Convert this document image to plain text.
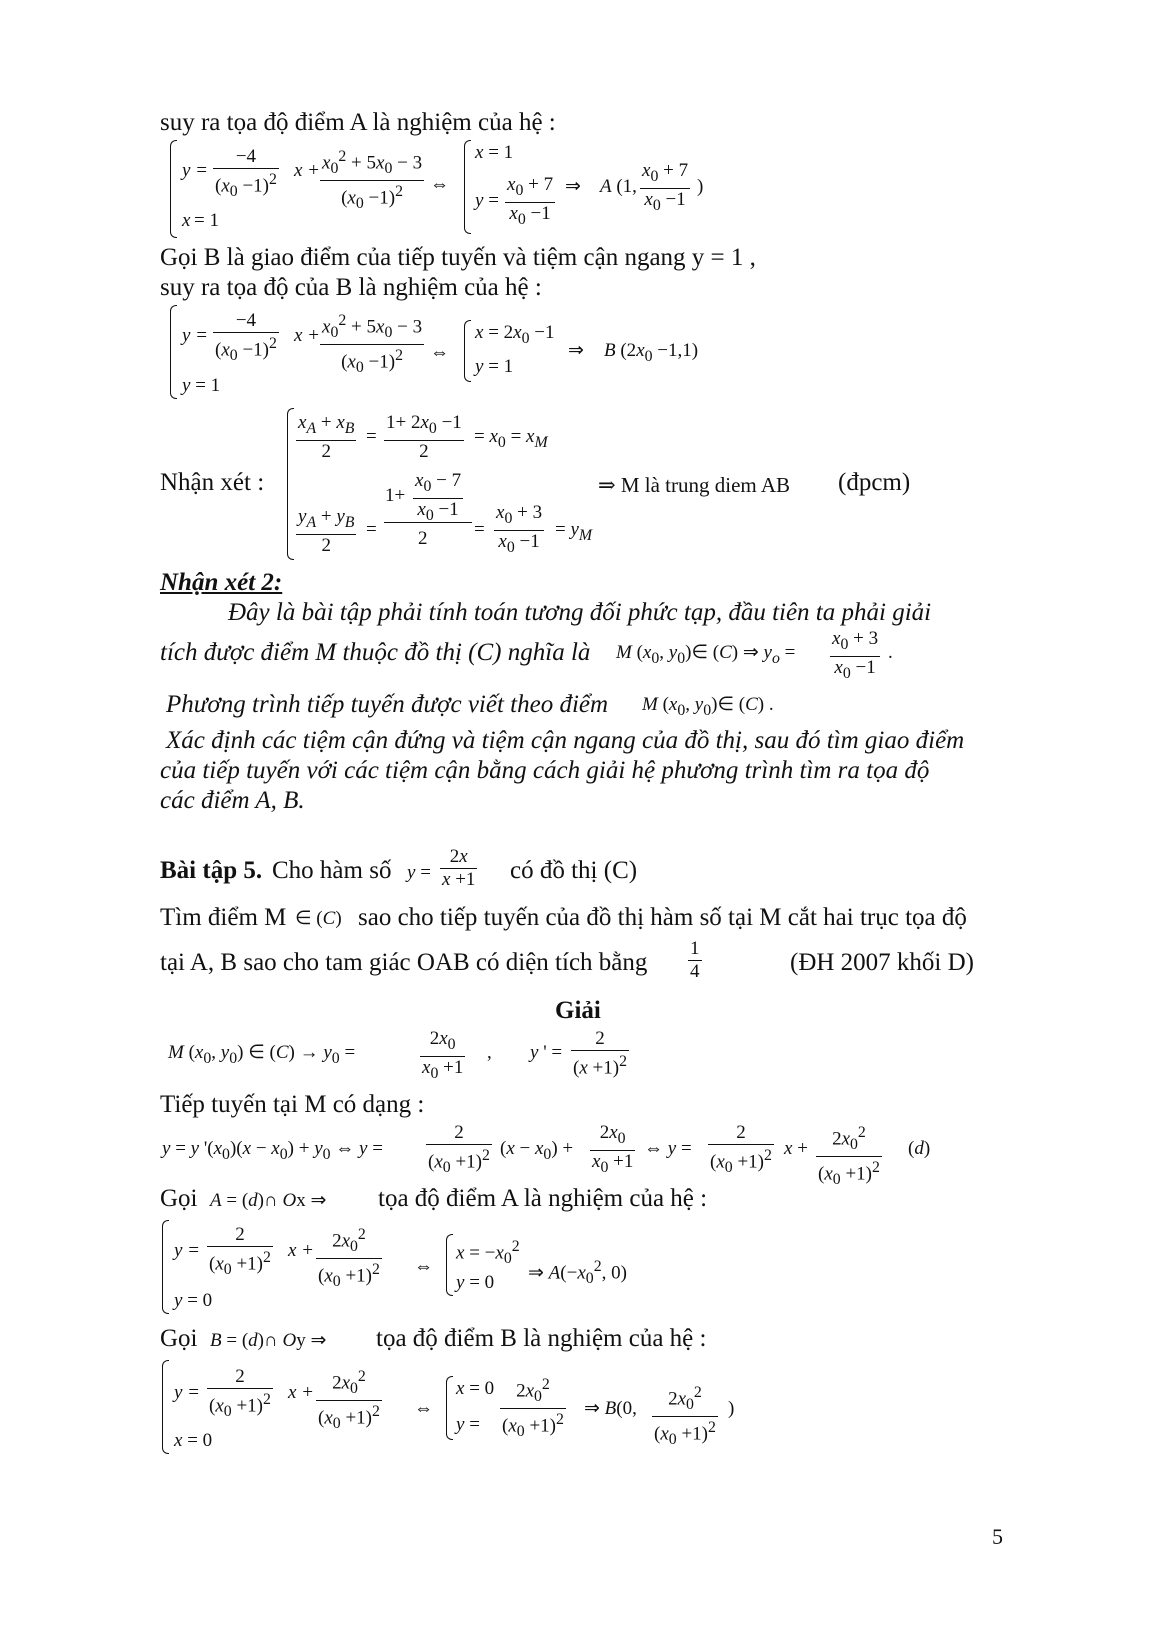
suy ra tọa độ điểm A là nghiệm của hệ :
$y = \frac{-4}{(x_0 -1)^2}$ $x + \frac{x_0^2 + 5x_0 - 3}{(x_0 -1)^2}$
x = 1
⇔
x = 1
$y = \frac{x_0 + 7}{x_0 -1}$ ⇒ A (1, $\frac{x_0 + 7}{x_0 -1}$ )
Gọi B là giao điểm của tiếp tuyến và tiệm cận ngang y = 1 ,
suy ra tọa độ của B là nghiệm của hệ :
$y = \frac{-4}{(x_0 -1)^2}$ $x + \frac{x_0^2 + 5x_0 - 3}{(x_0 -1)^2}$
y = 1
⇔
$x = 2x_0 -1$
y = 1
⇒ B $(2x_0 -1,1)$
Nhận xét :
$\frac{x_A + x_B}{2} = \frac{1+ 2x_0 -1}{2} = x_0 = x_M$
$1+ \frac{x_0 - 7}{x_0 -1}$
$\frac{y_A + y_B}{2} = 2 = \frac{x_0 + 3}{x_0 -1} = y_M$
⇒ M là trung diem AB (đpcm)
Nhận xét 2:
Đây là bài tập phải tính toán tương đối phức tạp, đầu tiên ta phải giải
tích được điểm M thuộc đồ thị (C) nghĩa là M ($x_0$, $y_0)\in$ (C) ⇒ $y_o = \frac{x_0 + 3}{x_0 -1}$ .
Phương trình tiếp tuyến được viết theo điểm M ($x_0$, $y_0)\in$ (C) .
Xác định các tiệm cận đứng và tiệm cận ngang của đồ thị, sau đó tìm giao điểm
của tiếp tuyến với các tiệm cận bằng cách giải hệ phương trình tìm ra tọa độ
các điểm A, B.
Bài tập 5. Cho hàm số $y = \frac{2x}{x +1}$ có đồ thị (C)
Tìm điểm M ∈ (C) sao cho tiếp tuyến của đồ thị hàm số tại M cắt hai trục tọa độ
tại A, B sao cho tam giác OAB có diện tích bằng $\frac{1}{4}$	(ĐH 2007 khối D)
Giải
M ($x_0$, $y_0$) ∈ $(C) \to y_0$ =	$\frac{2x_0}{x_0 +1}$ , y ' = $\frac{2}{(x +1)^2}$
Tiếp tuyến tại M có dạng :
y = y '$(x_0)(x - x_0) + y_0$ ⇔ $y = \frac{2}{(x_0 +1)^2} (x - x_0) + \frac{2x_0}{x_0 +1}$ ⇔ $y = \frac{2}{(x_0 +1)^2}$ $x + \frac{2x_0^2}{(x_0 +1)^2} (d)$
Gọi A = (d)∩ Ox ⇒ tọa độ điểm A là nghiệm của hệ :
$y = \frac{2}{(x_0 +1)^2}$ $x + \frac{2x_0^2}{(x_0 +1)^2}$
y = 0
⇔
$x = -x_0^2$
y = 0 ⇒ $A(-x_0^2$, 0)
Gọi B = (d)∩ Oy ⇒ tọa độ điểm B là nghiệm của hệ :
$y = \frac{2}{(x_0 +1)^2}$ $x + \frac{2x_0^2}{(x_0 +1)^2}$
x = 0
⇔
x = 0
$y = \frac{2x_0^2}{(x_0 +1)^2}$ ⇒ B(0, $\frac{2x_0^2}{(x_0 +1)^2}$ )
5
